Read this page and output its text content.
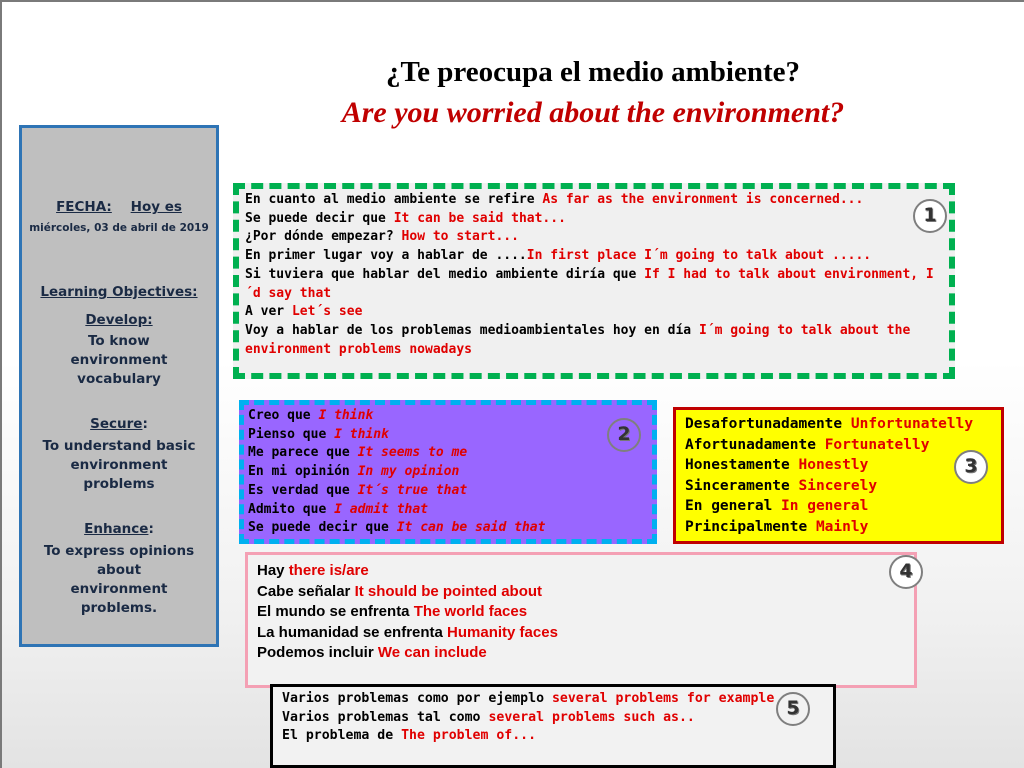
¿Te preocupa el medio ambiente?
Are you worried about the environment?
FECHA: Hoy es
miércoles, 03 de abril de 2019
Learning Objectives:
Develop:
To know
environment
vocabulary
Secure:
To understand basic
environment
problems
Enhance:
To express opinions
about
environment
problems.
En cuanto al medio ambiente se refire As far as the environment is concerned...
Se puede decir que It can be said that...
¿Por dónde empezar? How to start...
En primer lugar voy a hablar de ....In first place I´m going to talk about .....
Si tuviera que hablar del medio ambiente diría que If I had to talk about environment, I´d say that
A ver Let´s see
Voy a hablar de los problemas medioambientales hoy en día I´m going to talk about the environment problems nowadays
1
Creo que I think
Pienso que I think
Me parece que It seems to me
En mi opinión In my opinion
Es verdad que It´s true that
Admito que I admit that
Se puede decir que It can be said that
2	Desafortunadamente Unfortunatelly
Afortunadamente Fortunatelly
Honestamente Honestly
Sinceramente Sincerely
En general In general
Principalmente Mainly
3
Hay there is/are
Cabe señalar It should be pointed about
El mundo se enfrenta The world faces
La humanidad se enfrenta Humanity faces
Podemos incluir We can include
4
Varios problemas como por ejemplo several problems for example
Varios problemas tal como several problems such as..
El problema de The problem of...
5
